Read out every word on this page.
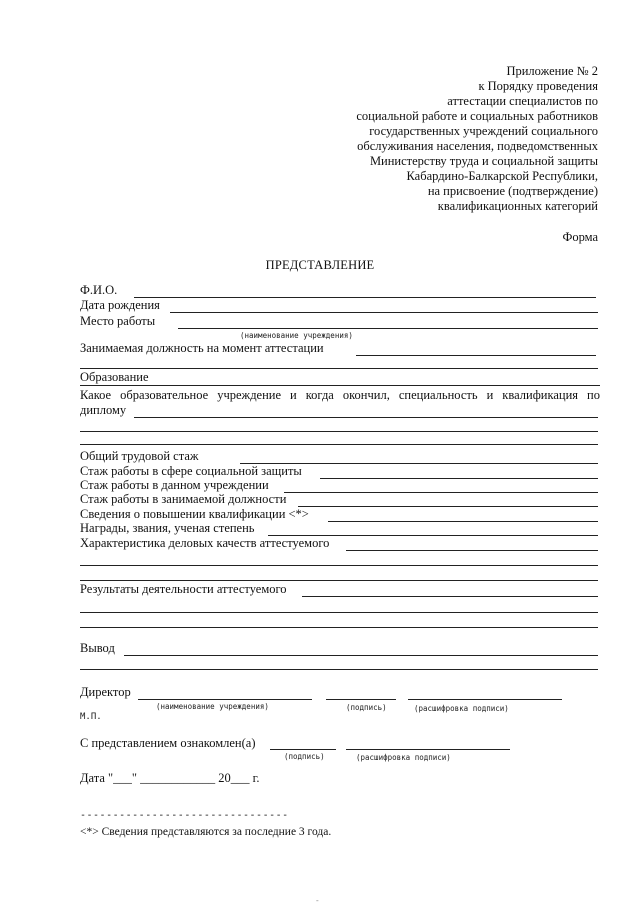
Приложение № 2
к Порядку проведения
аттестации специалистов по
социальной работе и социальных работников
государственных учреждений социального
обслуживания населения, подведомственных
Министерству труда и социальной защиты
Кабардино-Балкарской Республики,
на присвоение (подтверждение)
квалификационных категорий
Форма
ПРЕДСТАВЛЕНИЕ
Ф.И.О.
Дата рождения
Место работы
(наименование учреждения)
Занимаемая должность на момент аттестации
Образование
Какое образовательное учреждение и когда окончил, специальность и квалификация по
диплому
Общий трудовой стаж
Стаж работы в сфере социальной защиты
Стаж работы в данном учреждении
Стаж работы в занимаемой должности
Сведения о повышении квалификации <*>
Награды, звания, ученая степень
Характеристика деловых качеств аттестуемого
Результаты деятельности аттестуемого
Вывод
Директор
(наименование учреждения)	(подпись)	(расшифровка подписи)
М.П.
С представлением ознакомлен(а)
(подпись)	(расшифровка подписи)
Дата "___" ____________ 20___ г.
--------------------------------
<*> Сведения представляются за последние 3 года.
-
